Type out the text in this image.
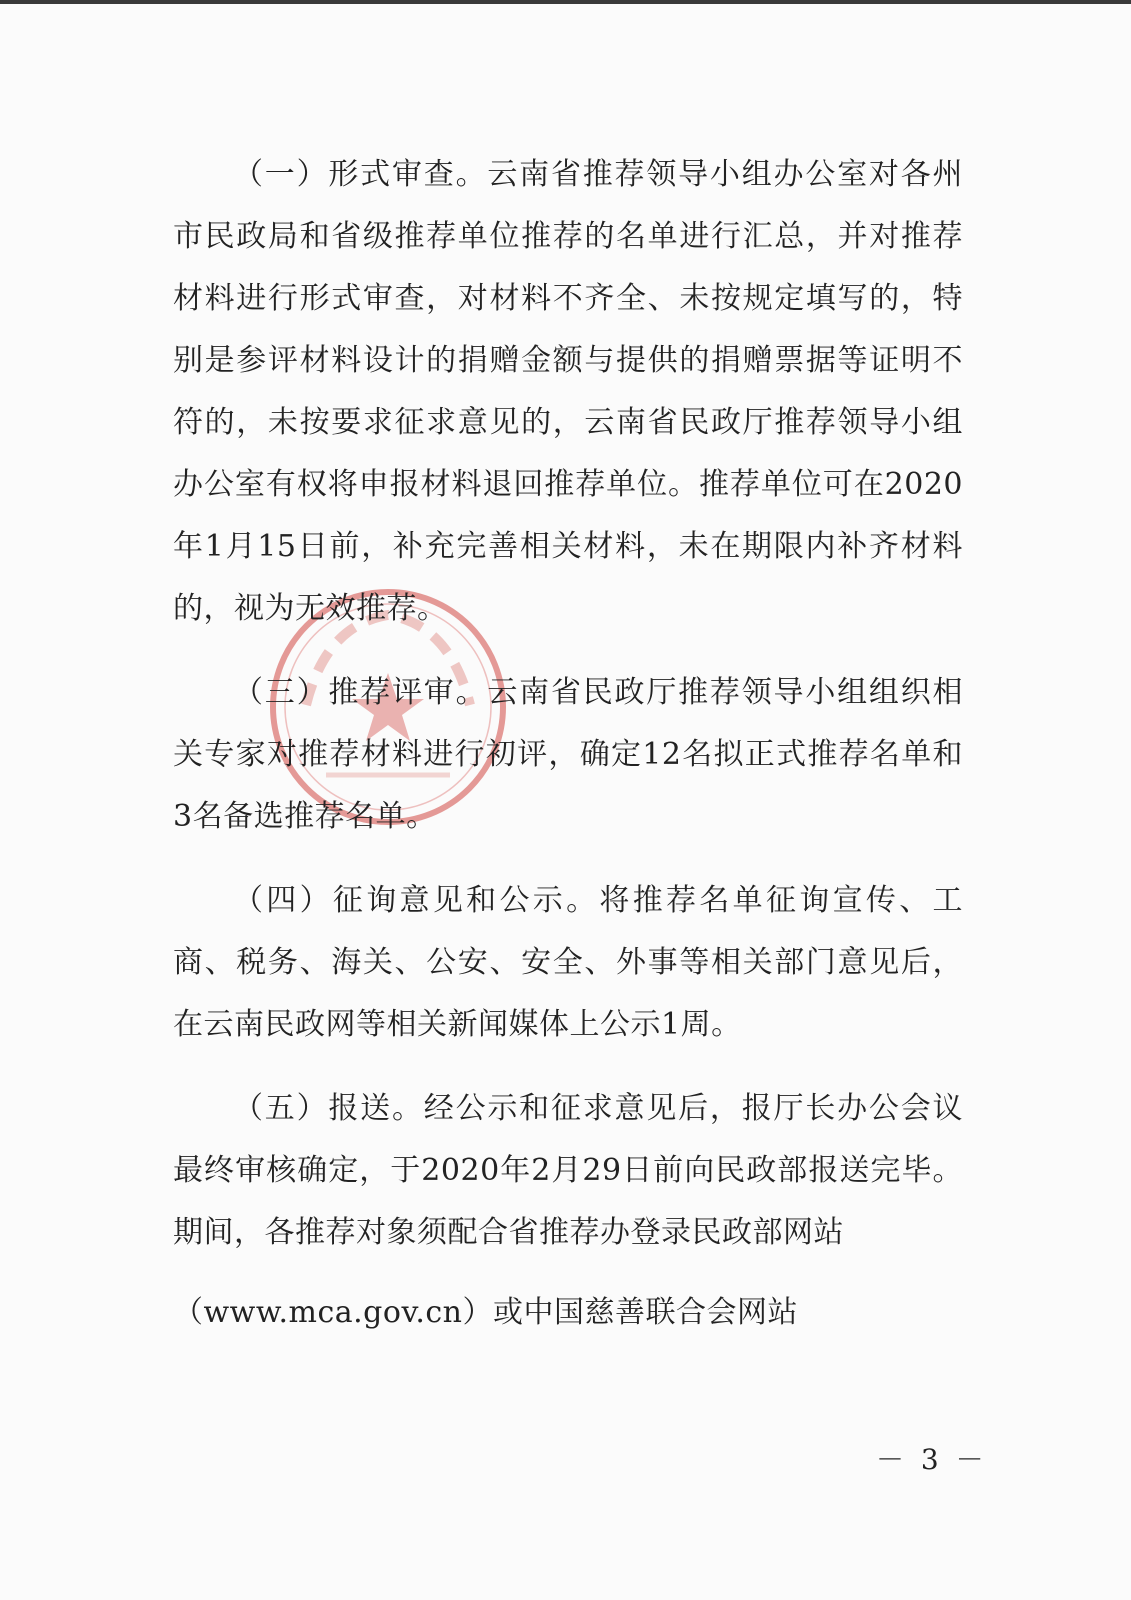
（一）形式审查。云南省推荐领导小组办公室对各州市民政局和省级推荐单位推荐的名单进行汇总，并对推荐材料进行形式审查，对材料不齐全、未按规定填写的，特别是参评材料设计的捐赠金额与提供的捐赠票据等证明不符的，未按要求征求意见的，云南省民政厅推荐领导小组办公室有权将申报材料退回推荐单位。推荐单位可在2020年1月15日前，补充完善相关材料，未在期限内补齐材料的，视为无效推荐。

（三）推荐评审。云南省民政厅推荐领导小组组织相关专家对推荐材料进行初评，确定12名拟正式推荐名单和3名备选推荐名单。

（四）征询意见和公示。将推荐名单征询宣传、工商、税务、海关、公安、安全、外事等相关部门意见后，在云南民政网等相关新闻媒体上公示1周。

（五）报送。经公示和征求意见后，报厅长办公会议最终审核确定，于2020年2月29日前向民政部报送完毕。期间，各推荐对象须配合省推荐办登录民政部网站

（www.mca.gov.cn）或中国慈善联合会网站

－ 3 －
